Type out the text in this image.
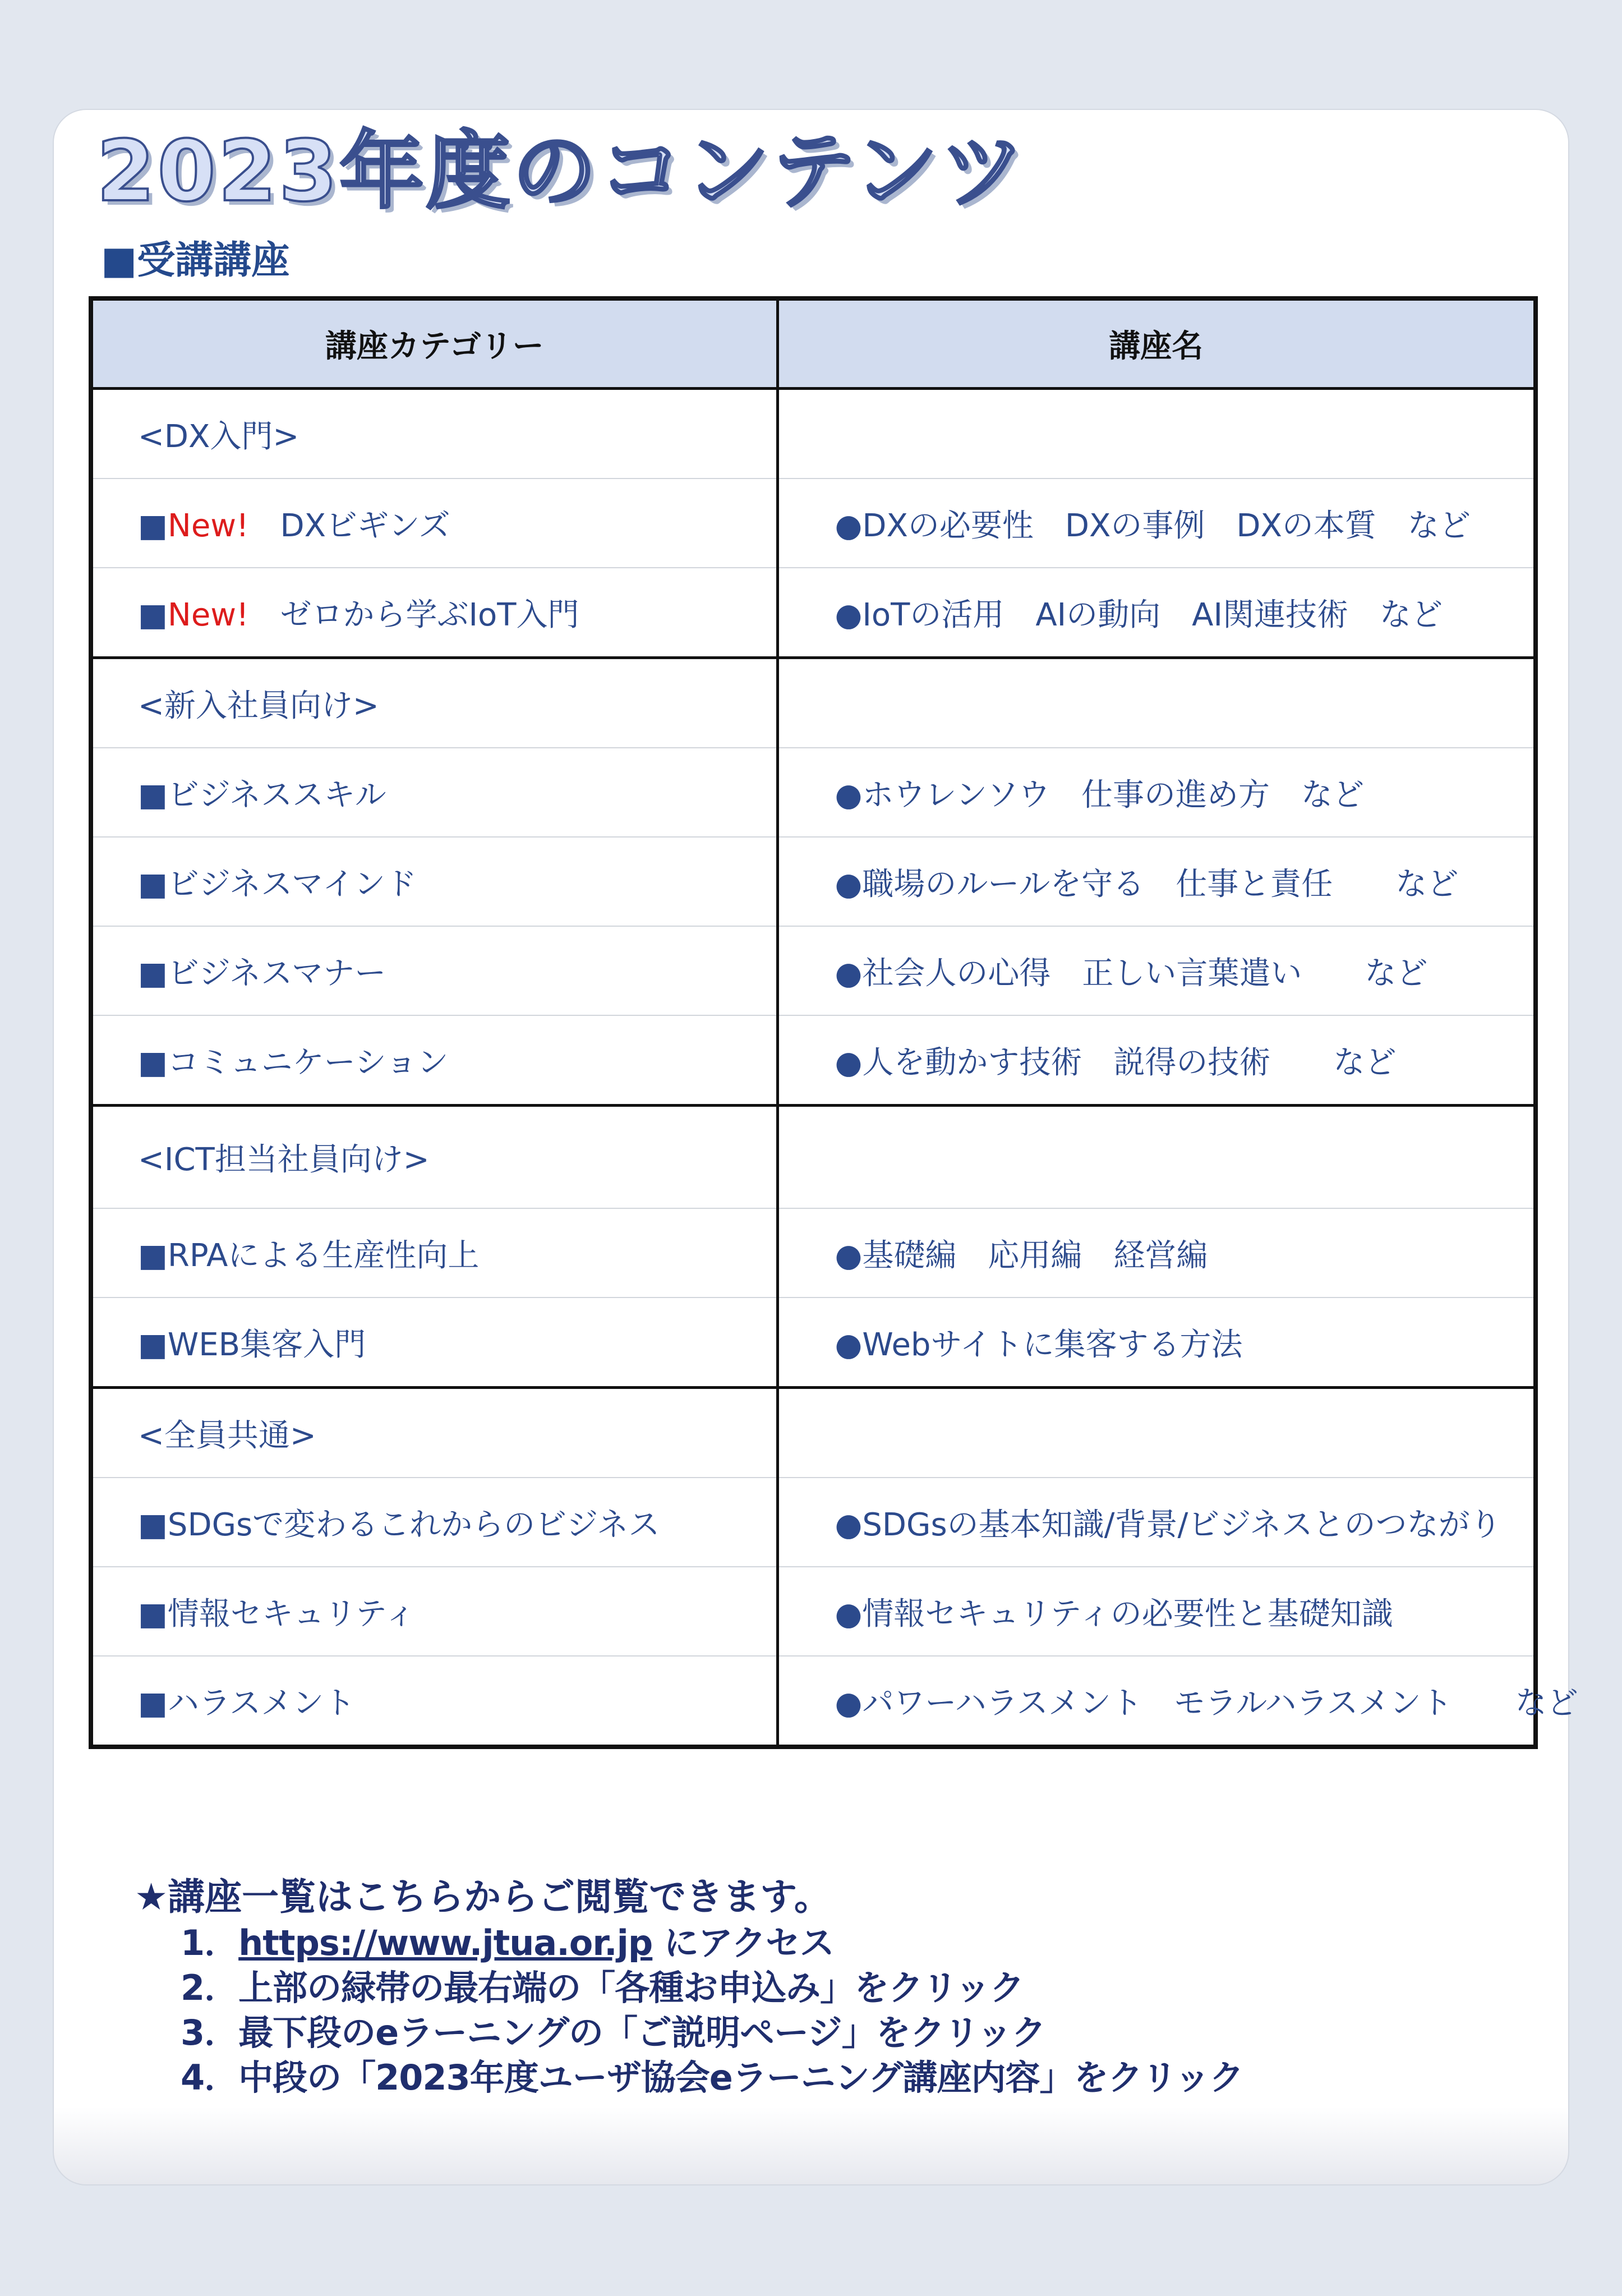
2023年度のコンテンツ
■受講講座
講座カテゴリー	講座名
<DX入門>	
■New!　 DXビギンズ	●DXの必要性　DXの事例　DXの本質　など
■New!　 ゼロから学ぶIoT入門	●IoTの活用　AIの動向　AI関連技術　など
<新入社員向け>	
■ビジネススキル	●ホウレンソウ　仕事の進め方　など
■ビジネスマインド	●職場のルールを守る　仕事と責任　　など
■ビジネスマナー	●社会人の心得　正しい言葉遣い　　など
■コミュニケーション	●人を動かす技術　説得の技術　　など
<ICT担当社員向け>	
■RPAによる生産性向上	●基礎編　応用編　経営編
■WEB集客入門	●Webサイトに集客する方法
<全員共通>	
■SDGsで変わるこれからのビジネス	●SDGsの基本知識/背景/ビジネスとのつながり
■情報セキュリティ	●情報セキュリティの必要性と基礎知識
■ハラスメント	●パワーハラスメント　モラルハラスメント　　など
★講座一覧はこちらからご閲覧できます。
1．https://www.jtua.or.jp にアクセス
2．上部の緑帯の最右端の「各種お申込み」をクリック
3．最下段のeラーニングの「ご説明ページ」をクリック
4．中段の「2023年度ユーザ協会eラーニング講座内容」をクリック
